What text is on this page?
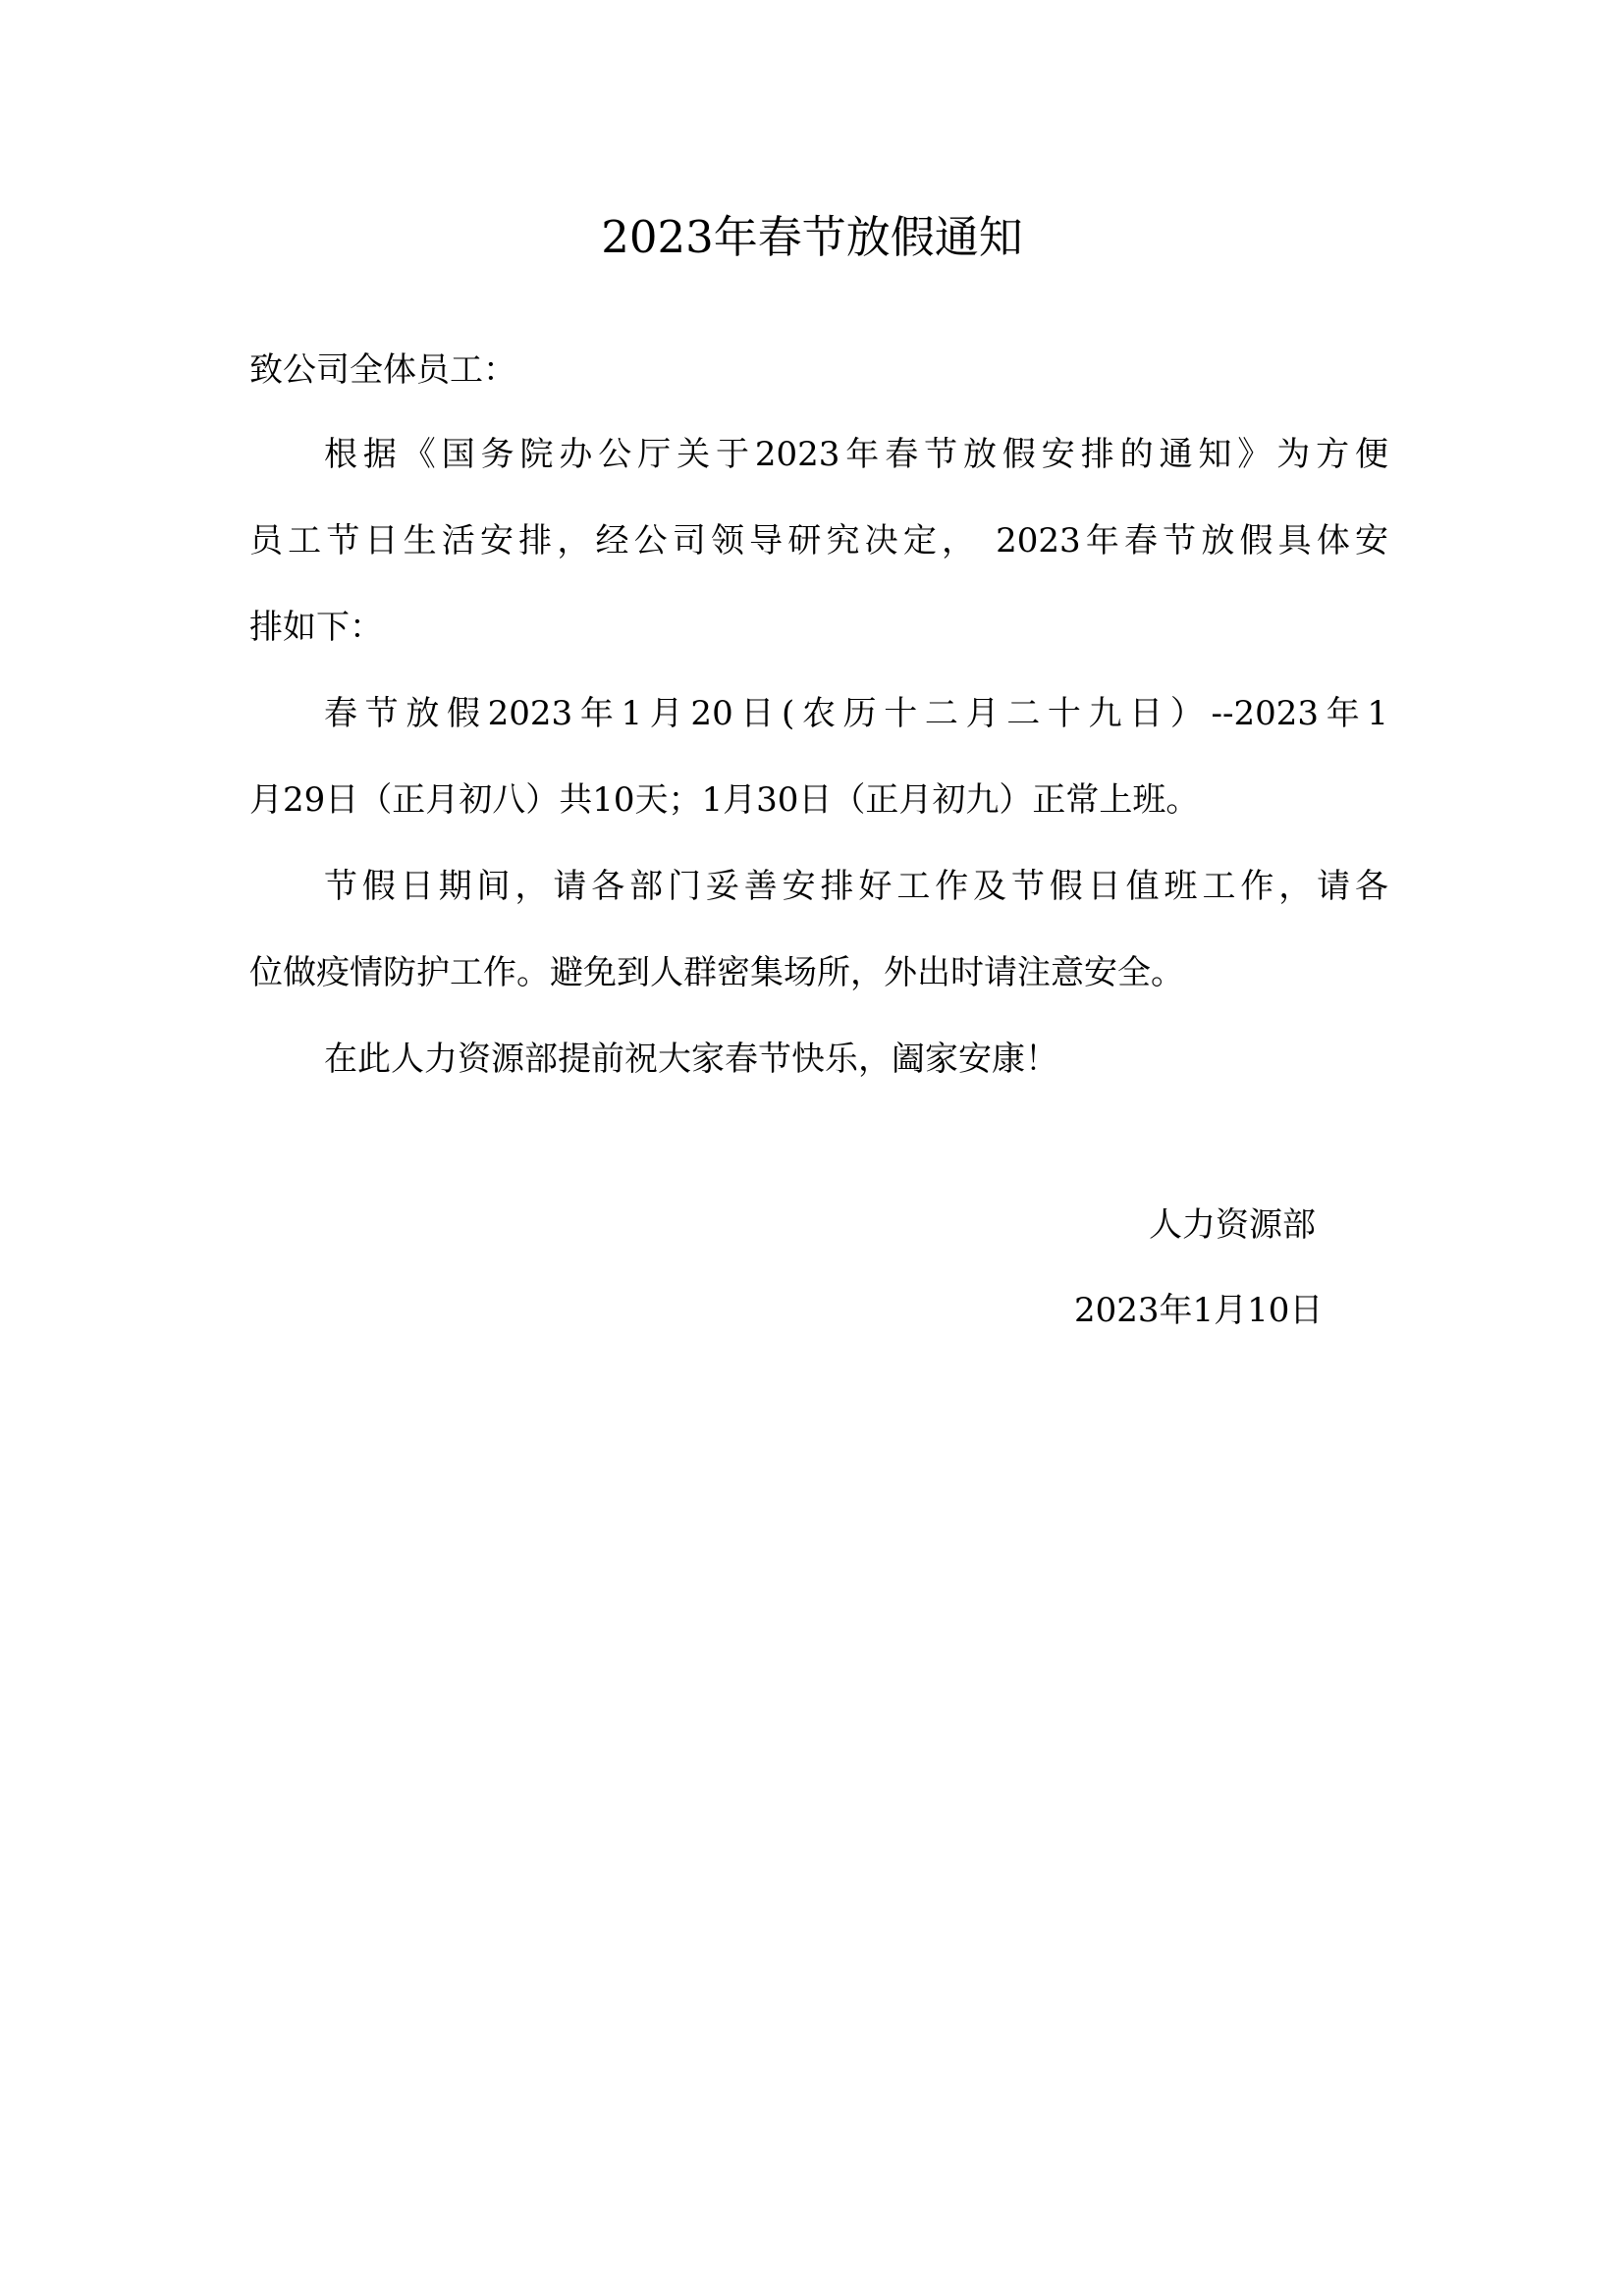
2023年春节放假通知
致公司全体员工：
根据《国务院办公厅关于2023年春节放假安排的通知》为方便
员工节日生活安排，经公司领导研究决定， 2023年春节放假具体安
排如下：
春节放假2023年1月20日(农历十二月二十九日）--2023年1
月29日（正月初八）共10天；1月30日（正月初九）正常上班。
节假日期间，请各部门妥善安排好工作及节假日值班工作，请各
位做疫情防护工作。避免到人群密集场所，外出时请注意安全。
在此人力资源部提前祝大家春节快乐，阖家安康！
人力资源部
2023年1月10日
